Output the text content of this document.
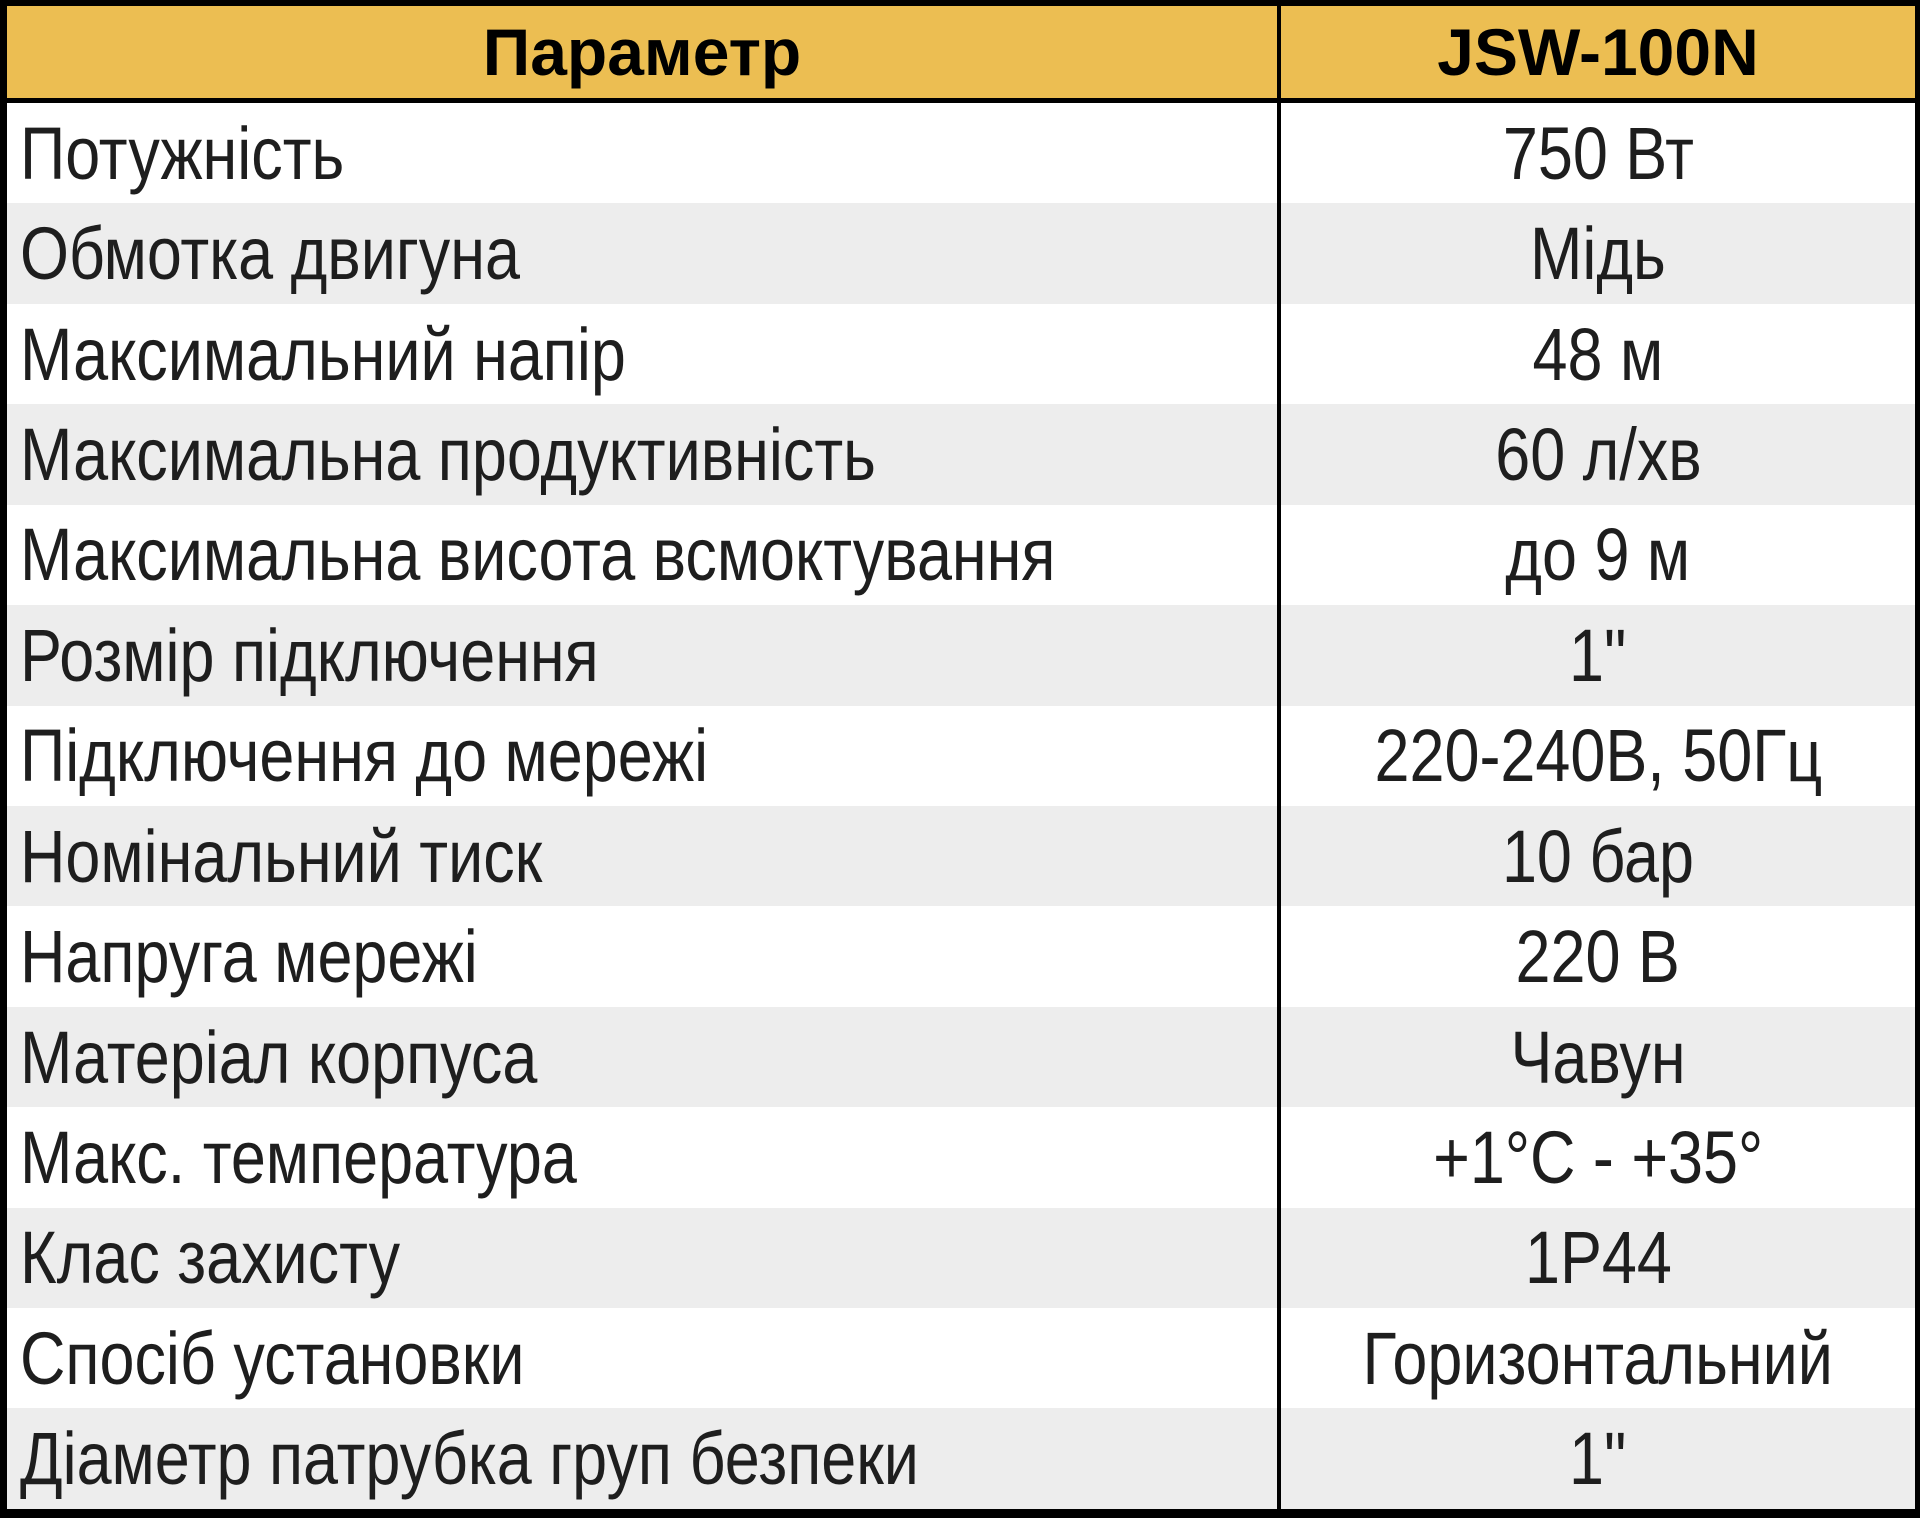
Параметр	JSW-100N
Потужність	750 Вт
Обмотка двигуна	Мідь
Максимальний напір	48 м
Максимальна продуктивність	60 л/хв
Максимальна висота всмоктування	до 9 м
Розмір підключення	1"
Підключення до мережі	220-240В, 50Гц
Номінальний тиск	10 бар
Напруга мережі	220 В
Матеріал корпуса	Чавун
Макс. температура	+1°C - +35°
Клас захисту	1P44
Спосіб установки	Горизонтальний
Діаметр патрубка груп безпеки	1"
